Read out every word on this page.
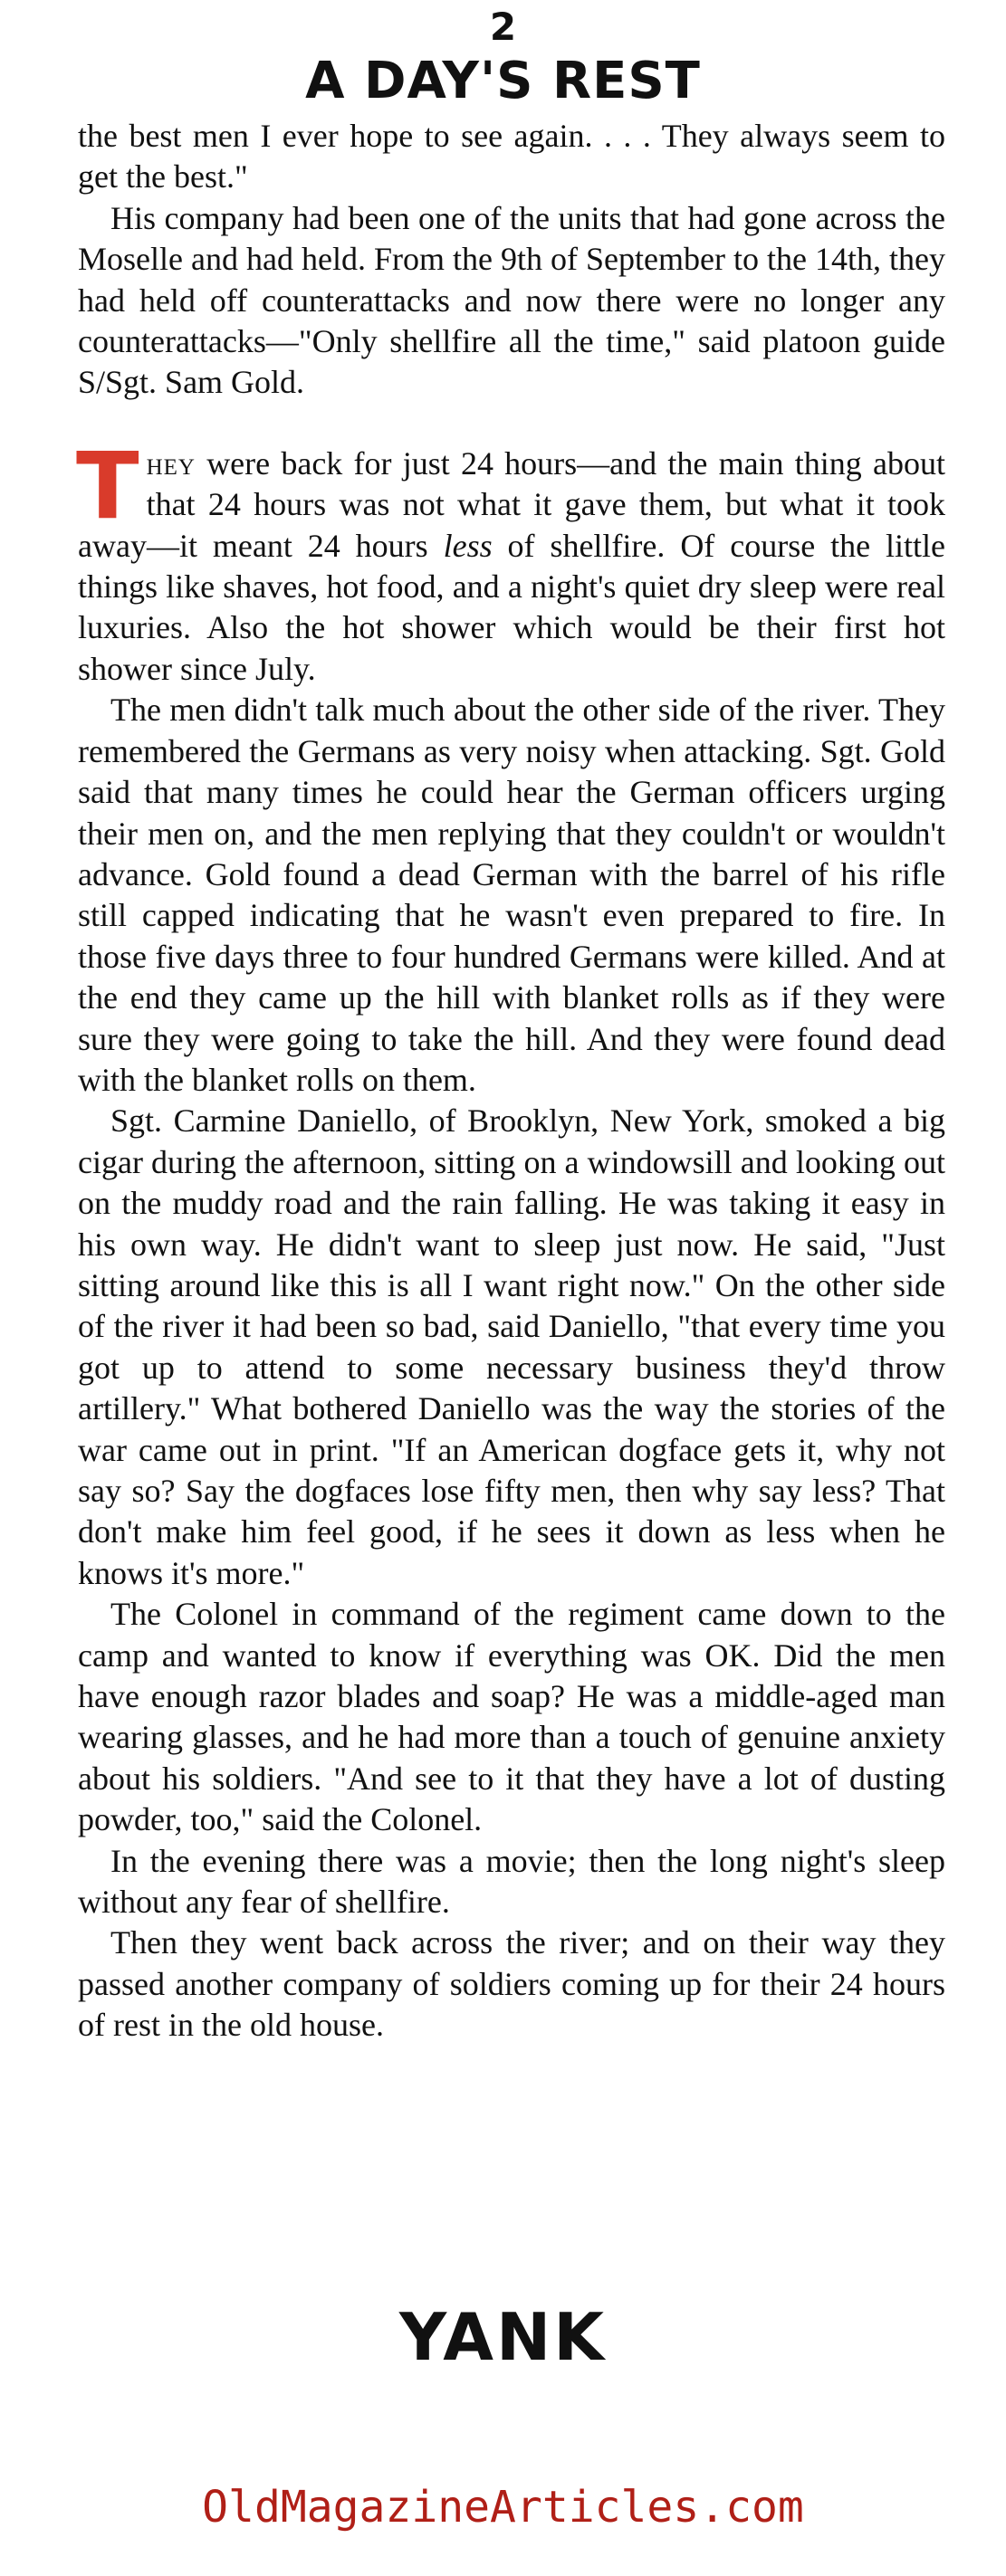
2
A DAY'S REST

the best men I ever hope to see again. . . . They always seem to get the best."

His company had been one of the units that had gone across the Moselle and had held. From the 9th of September to the 14th, they had held off counterattacks and now there were no longer any counterattacks—"Only shellfire all the time," said platoon guide S/Sgt. Sam Gold.

They were back for just 24 hours—and the main thing about that 24 hours was not what it gave them, but what it took away—it meant 24 hours less of shellfire. Of course the little things like shaves, hot food, and a night's quiet dry sleep were real luxuries. Also the hot shower which would be their first hot shower since July.

The men didn't talk much about the other side of the river. They remembered the Germans as very noisy when attacking. Sgt. Gold said that many times he could hear the German officers urging their men on, and the men replying that they couldn't or wouldn't advance. Gold found a dead German with the barrel of his rifle still capped indicating that he wasn't even prepared to fire. In those five days three to four hundred Germans were killed. And at the end they came up the hill with blanket rolls as if they were sure they were going to take the hill. And they were found dead with the blanket rolls on them.

Sgt. Carmine Daniello, of Brooklyn, New York, smoked a big cigar during the afternoon, sitting on a windowsill and looking out on the muddy road and the rain falling. He was taking it easy in his own way. He didn't want to sleep just now. He said, "Just sitting around like this is all I want right now." On the other side of the river it had been so bad, said Daniello, "that every time you got up to attend to some necessary business they'd throw artillery." What bothered Daniello was the way the stories of the war came out in print. "If an American dogface gets it, why not say so? Say the dogfaces lose fifty men, then why say less? That don't make him feel good, if he sees it down as less when he knows it's more."

The Colonel in command of the regiment came down to the camp and wanted to know if everything was OK. Did the men have enough razor blades and soap? He was a middle-aged man wearing glasses, and he had more than a touch of genuine anxiety about his soldiers. "And see to it that they have a lot of dusting powder, too," said the Colonel.

In the evening there was a movie; then the long night's sleep without any fear of shellfire.

Then they went back across the river; and on their way they passed another company of soldiers coming up for their 24 hours of rest in the old house.

YANK
OldMagazineArticles.com
